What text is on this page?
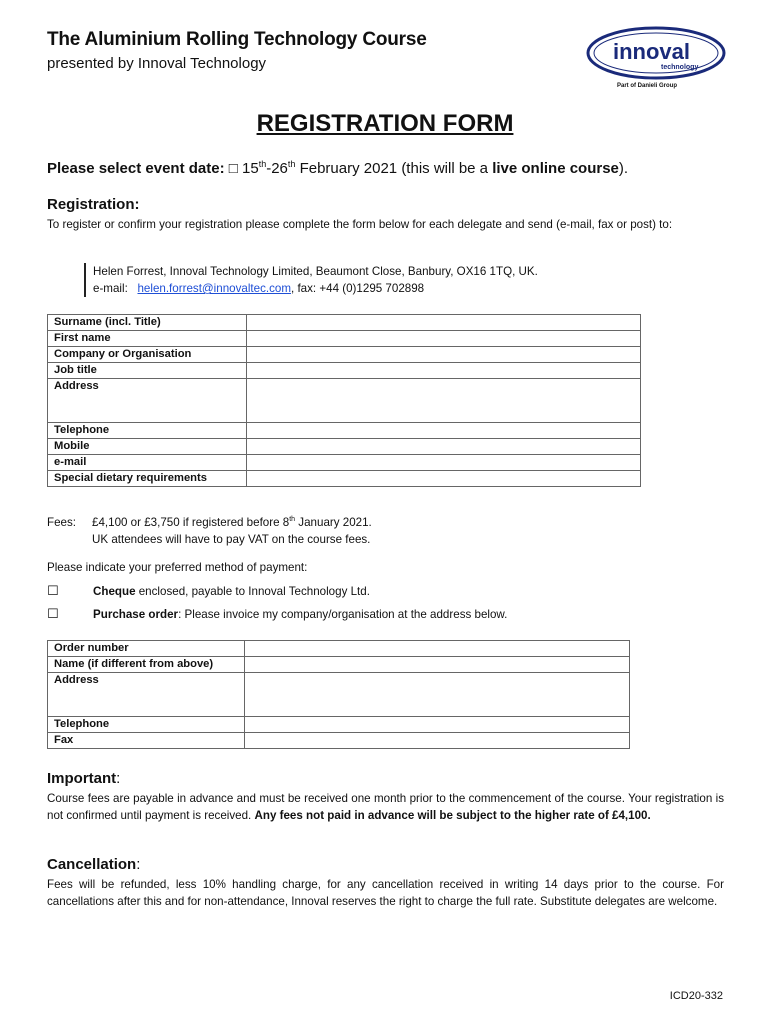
The Aluminium Rolling Technology Course
presented by Innoval Technology	innoval
technology
Part of Danieli Group
REGISTRATION FORM
Please select event date: □ 15th-26th February 2021 (this will be a live online course).
Registration:
To register or confirm your registration please complete the form below for each delegate and send (e-mail, fax or post) to:
Helen Forrest, Innoval Technology Limited, Beaumont Close, Banbury, OX16 1TQ, UK.
e-mail: helen.forrest@innovaltec.com, fax: +44 (0)1295 702898
Surname (incl. Title)	
First name	
Company or Organisation	
Job title	
Address	
Telephone	
Mobile	
e-mail	
Special dietary requirements	
Fees: £4,100 or £3,750 if registered before 8th January 2021.
UK attendees will have to pay VAT on the course fees.
Please indicate your preferred method of payment:
☐	Cheque enclosed, payable to Innoval Technology Ltd.
☐	Purchase order: Please invoice my company/organisation at the address below.
Order number	
Name (if different from above)	
Address	
Telephone	
Fax	
Important:
Course fees are payable in advance and must be received one month prior to the commencement of the course. Your registration is not confirmed until payment is received. Any fees not paid in advance will be subject to the higher rate of £4,100.
Cancellation:
Fees will be refunded, less 10% handling charge, for any cancellation received in writing 14 days prior to the course. For cancellations after this and for non-attendance, Innoval reserves the right to charge the full rate. Substitute delegates are welcome.
ICD20-332
